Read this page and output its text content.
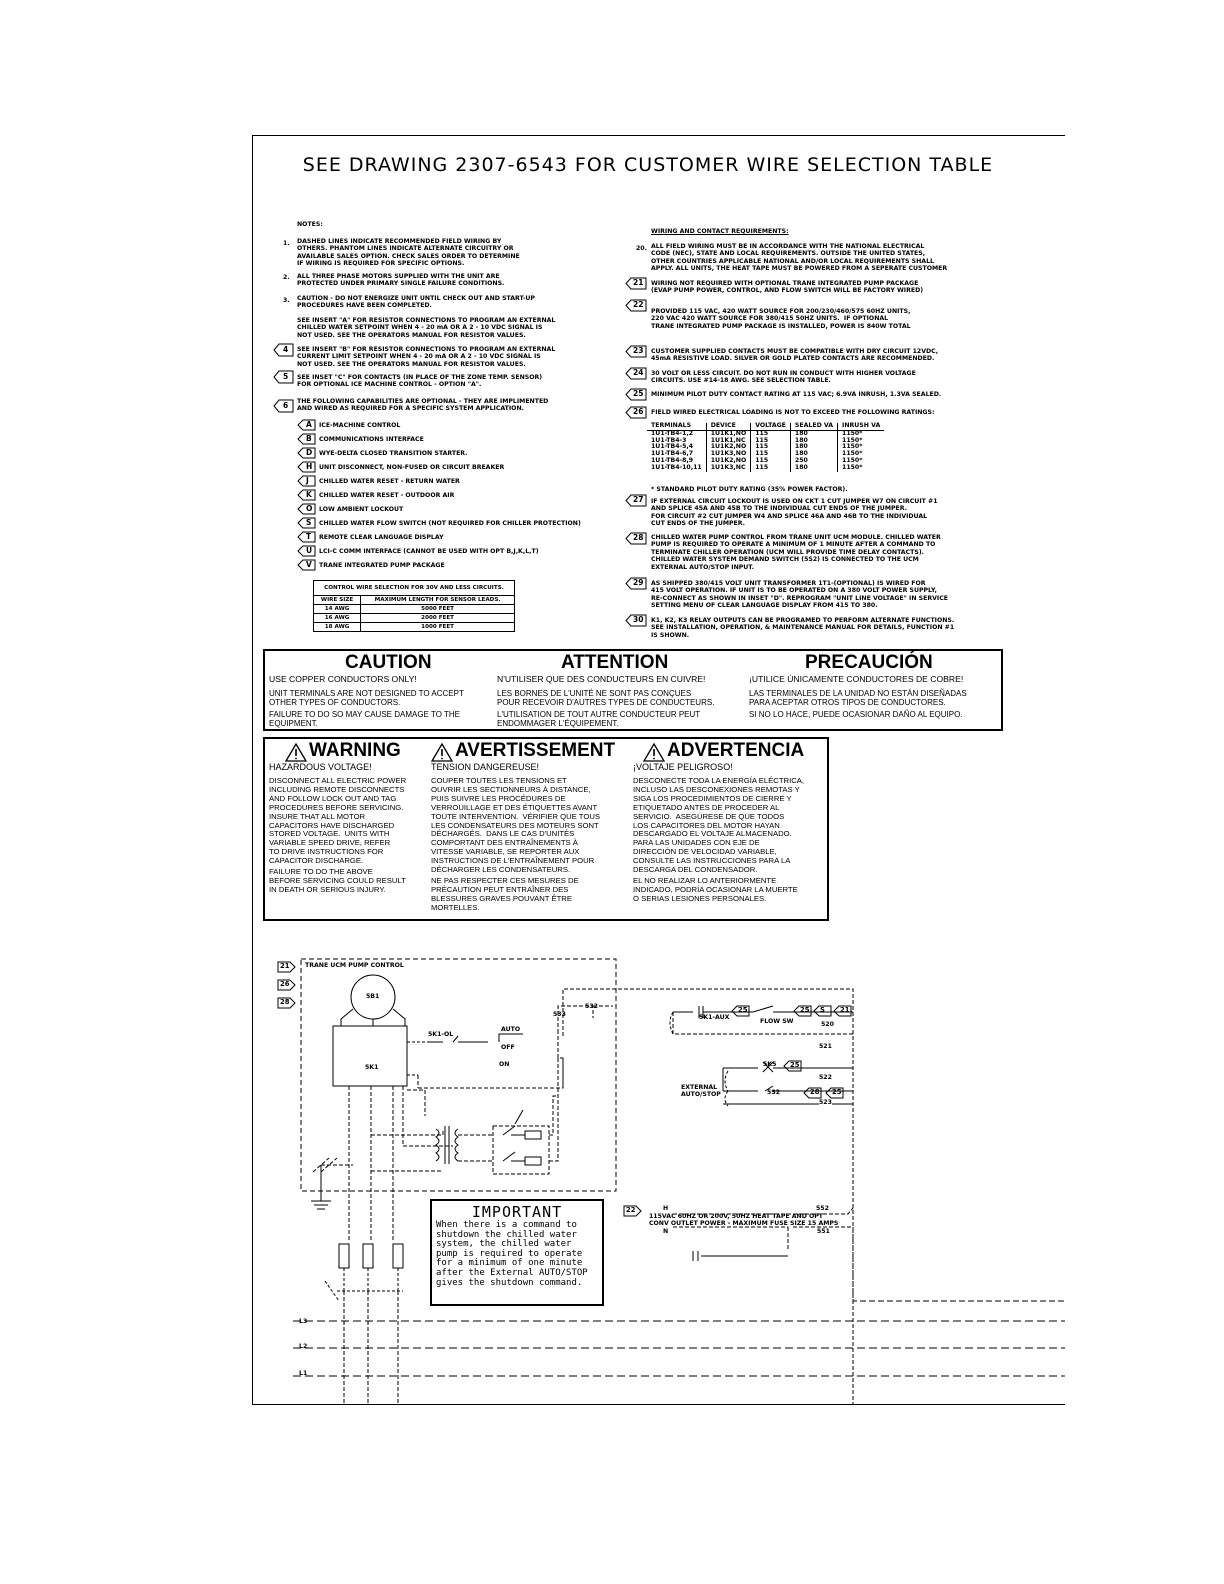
SEE DRAWING 2307-6543 FOR CUSTOMER WIRE SELECTION TABLE
NOTES:
1. DASHED LINES INDICATE RECOMMENDED FIELD WIRING BY
OTHERS. PHANTOM LINES INDICATE ALTERNATE CIRCUITRY OR
AVAILABLE SALES OPTION. CHECK SALES ORDER TO DETERMINE
IF WIRING IS REQUIRED FOR SPECIFIC OPTIONS.
2. ALL THREE PHASE MOTORS SUPPLIED WITH THE UNIT ARE
PROTECTED UNDER PRIMARY SINGLE FAILURE CONDITIONS.
3. CAUTION - DO NOT ENERGIZE UNIT UNTIL CHECK OUT AND START-UP
PROCEDURES HAVE BEEN COMPLETED.
SEE INSERT "A" FOR RESISTOR CONNECTIONS TO PROGRAM AN EXTERNAL
CHILLED WATER SETPOINT WHEN 4 - 20 mA OR A 2 - 10 VDC SIGNAL IS
NOT USED. SEE THE OPERATORS MANUAL FOR RESISTOR VALUES.
4 SEE INSERT "B" FOR RESISTOR CONNECTIONS TO PROGRAM AN EXTERNAL
CURRENT LIMIT SETPOINT WHEN 4 - 20 mA OR A 2 - 10 VDC SIGNAL IS
NOT USED. SEE THE OPERATORS MANUAL FOR RESISTOR VALUES.
5 SEE INSET "C" FOR CONTACTS (IN PLACE OF THE ZONE TEMP. SENSOR)
FOR OPTIONAL ICE MACHINE CONTROL - OPTION "A".
6 THE FOLLOWING CAPABILITIES ARE OPTIONAL - THEY ARE IMPLIMENTED
AND WIRED AS REQUIRED FOR A SPECIFIC SYSTEM APPLICATION.
A ICE-MACHINE CONTROL
B COMMUNICATIONS INTERFACE
D WYE-DELTA CLOSED TRANSITION STARTER.
H UNIT DISCONNECT, NON-FUSED OR CIRCUIT BREAKER
J CHILLED WATER RESET - RETURN WATER
K CHILLED WATER RESET - OUTDOOR AIR
O LOW AMBIENT LOCKOUT
S CHILLED WATER FLOW SWITCH (NOT REQUIRED FOR CHILLER PROTECTION)
T REMOTE CLEAR LANGUAGE DISPLAY
U LCI-C COMM INTERFACE (CANNOT BE USED WITH OPT B,J,K,L,T)
V TRANE INTEGRATED PUMP PACKAGE
CONTROL WIRE SELECTION FOR 30V AND LESS CIRCUITS.	
WIRE SIZE	MAXIMUM LENGTH FOR SENSOR LEADS.
14 AWG	5000 FEET
16 AWG	2000 FEET
18 AWG	1000 FEET
WIRING AND CONTACT REQUIREMENTS:
20. ALL FIELD WIRING MUST BE IN ACCORDANCE WITH THE NATIONAL ELECTRICAL
CODE (NEC), STATE AND LOCAL REQUIREMENTS. OUTSIDE THE UNITED STATES,
OTHER COUNTRIES APPLICABLE NATIONAL AND/OR LOCAL REQUIREMENTS SHALL
APPLY. ALL UNITS, THE HEAT TAPE MUST BE POWERED FROM A SEPERATE CUSTOMER
21
22
23
24
25
26
27
28
29
30
WIRING NOT REQUIRED WITH OPTIONAL TRANE INTEGRATED PUMP PACKAGE
(EVAP PUMP POWER, CONTROL, AND FLOW SWITCH WILL BE FACTORY WIRED)
PROVIDED 115 VAC, 420 WATT SOURCE FOR 200/230/460/575 60HZ UNITS,
220 VAC 420 WATT SOURCE FOR 380/415 50HZ UNITS.  IF OPTIONAL
TRANE INTEGRATED PUMP PACKAGE IS INSTALLED, POWER IS 840W TOTAL
CUSTOMER SUPPLIED CONTACTS MUST BE COMPATIBLE WITH DRY CIRCUIT 12VDC,
45mA RESISTIVE LOAD. SILVER OR GOLD PLATED CONTACTS ARE RECOMMENDED.
30 VOLT OR LESS CIRCUIT. DO NOT RUN IN CONDUCT WITH HIGHER VOLTAGE
CIRCUITS. USE #14-18 AWG. SEE SELECTION TABLE.
MINIMUM PILOT DUTY CONTACT RATING AT 115 VAC; 6.9VA INRUSH, 1.3VA SEALED.
FIELD WIRED ELECTRICAL LOADING IS NOT TO EXCEED THE FOLLOWING RATINGS:
TERMINALS	DEVICE	VOLTAGE	SEALED VA	INRUSH VA
1U1-TB4-1,2	1U1K1,NO	115	180	1150*
1U1-TB4-3	1U1K1,NC	115	180	1150*
1U1-TB4-5,4	1U1K2,NO	115	180	1150*
1U1-TB4-6,7	1U1K3,NO	115	180	1150*
1U1-TB4-8,9	1U1K2,NO	115	250	1150*
1U1-TB4-10,11	1U1K3,NC	115	180	1150*
* STANDARD PILOT DUTY RATING (35% POWER FACTOR).
IF EXTERNAL CIRCUIT LOCKOUT IS USED ON CKT 1 CUT JUMPER W7 ON CIRCUIT #1
AND SPLICE 45A AND 45B TO THE INDIVIDUAL CUT ENDS OF THE JUMPER.
FOR CIRCUIT #2 CUT JUMPER W4 AND SPLICE 46A AND 46B TO THE INDIVIDUAL
CUT ENDS OF THE JUMPER.
CHILLED WATER PUMP CONTROL FROM TRANE UNIT UCM MODULE. CHILLED WATER
PUMP IS REQUIRED TO OPERATE A MINIMUM OF 1 MINUTE AFTER A COMMAND TO
TERMINATE CHILLER OPERATION (UCM WILL PROVIDE TIME DELAY CONTACTS).
CHILLED WATER SYSTEM DEMAND SWITCH (5S2) IS CONNECTED TO THE UCM
EXTERNAL AUTO/STOP INPUT.
AS SHIPPED 380/415 VOLT UNIT TRANSFORMER 1T1-(OPTIONAL) IS WIRED FOR
415 VOLT OPERATION. IF UNIT IS TO BE OPERATED ON A 380 VOLT POWER SUPPLY,
RE-CONNECT AS SHOWN IN INSET "D". REPROGRAM "UNIT LINE VOLTAGE" IN SERVICE
SETTING MENU OF CLEAR LANGUAGE DISPLAY FROM 415 TO 380.
K1, K2, K3 RELAY OUTPUTS CAN BE PROGRAMED TO PERFORM ALTERNATE FUNCTIONS.
SEE INSTALLATION, OPERATION, & MAINTENANCE MANUAL FOR DETAILS, FUNCTION #1
IS SHOWN.
CAUTION	ATTENTION	PRECAUCIÓN
USE COPPER CONDUCTORS ONLY!
UNIT TERMINALS ARE NOT DESIGNED TO ACCEPT
OTHER TYPES OF CONDUCTORS.
FAILURE TO DO SO MAY CAUSE DAMAGE TO THE
EQUIPMENT.
N'UTILISER QUE DES CONDUCTEURS EN CUIVRE!
LES BORNES DE L'UNITÉ NE SONT PAS CONÇUES
POUR RECEVOIR D'AUTRES TYPES DE CONDUCTEURS.
L'UTILISATION DE TOUT AUTRE CONDUCTEUR PEUT
ENDOMMAGER L'ÉQUIPEMENT.
¡UTILICE ÚNICAMENTE CONDUCTORES DE COBRE!
LAS TERMINALES DE LA UNIDAD NO ESTÁN DISEÑADAS
PARA ACEPTAR OTROS TIPOS DE CONDUCTORES.
SI NO LO HACE, PUEDE OCASIONAR DAÑO AL EQUIPO.
WARNING	AVERTISSEMENT	ADVERTENCIA
HAZARDOUS VOLTAGE!	TENSION DANGEREUSE!	¡VOLTAJE PELIGROSO!
DISCONNECT ALL ELECTRIC POWER
INCLUDING REMOTE DISCONNECTS
AND FOLLOW LOCK OUT AND TAG
PROCEDURES BEFORE SERVICING.
INSURE THAT ALL MOTOR
CAPACITORS HAVE DISCHARGED
STORED VOLTAGE.  UNITS WITH
VARIABLE SPEED DRIVE, REFER
TO DRIVE INSTRUCTIONS FOR
CAPACITOR DISCHARGE.
FAILURE TO DO THE ABOVE
BEFORE SERVICING COULD RESULT
IN DEATH OR SERIOUS INJURY.
COUPER TOUTES LES TENSIONS ET
OUVRIR LES SECTIONNEURS À DISTANCE,
PUIS SUIVRE LES PROCÉDURES DE
VERROUILLAGE ET DES ÉTIQUETTES AVANT
TOUTE INTERVENTION.  VÉRIFIER QUE TOUS
LES CONDENSATEURS DES MOTEURS SONT
DÉCHARGÉS.  DANS LE CAS D'UNITÉS
COMPORTANT DES ENTRAÎNEMENTS À
VITESSE VARIABLE, SE REPORTER AUX
INSTRUCTIONS DE L'ENTRAÎNEMENT POUR
DÉCHARGER LES CONDENSATEURS.
NE PAS RESPECTER CES MESURES DE
PRÉCAUTION PEUT ENTRAÎNER DES
BLESSURES GRAVES POUVANT ÊTRE
MORTELLES.
DESCONECTE TODA LA ENERGÍA ELÉCTRICA,
INCLUSO LAS DESCONEXIONES REMOTAS Y
SIGA LOS PROCEDIMIENTOS DE CIERRE Y
ETIQUETADO ANTES DE PROCEDER AL
SERVICIO.  ASEGÚRESE DE QUE TODOS
LOS CAPACITORES DEL MOTOR HAYAN
DESCARGADO EL VOLTAJE ALMACENADO.
PARA LAS UNIDADES CON EJE DE
DIRECCIÓN DE VELOCIDAD VARIABLE,
CONSULTE LAS INSTRUCCIONES PARA LA
DESCARGA DEL CONDENSADOR.
EL NO REALIZAR LO ANTERIORMENTE
INDICADO, PODRÍA OCASIONAR LA MUERTE
O SERIAS LESIONES PERSONALES.
21
26
28
25	25 S 21
25
28 25
22
TRANE UCM PUMP CONTROL
5B1
5K1
5K1-OL
AUTO
OFF
ON
533
532
5K1-AUX
FLOW SW	520
521
5K5
522
EXTERNAL
AUTO/STOP	5S2
523
H	552
115VAC 60HZ OR 200V, 50HZ HEAT TAPE AND OPT
CONV OUTLET POWER - MAXIMUM FUSE SIZE 15 AMPS
N	551
L3
L2
L1
IMPORTANT
When there is a command to
shutdown the chilled water
system, the chilled water
pump is required to operate
for a minimum of one minute
after the External AUTO/STOP
gives the shutdown command.
